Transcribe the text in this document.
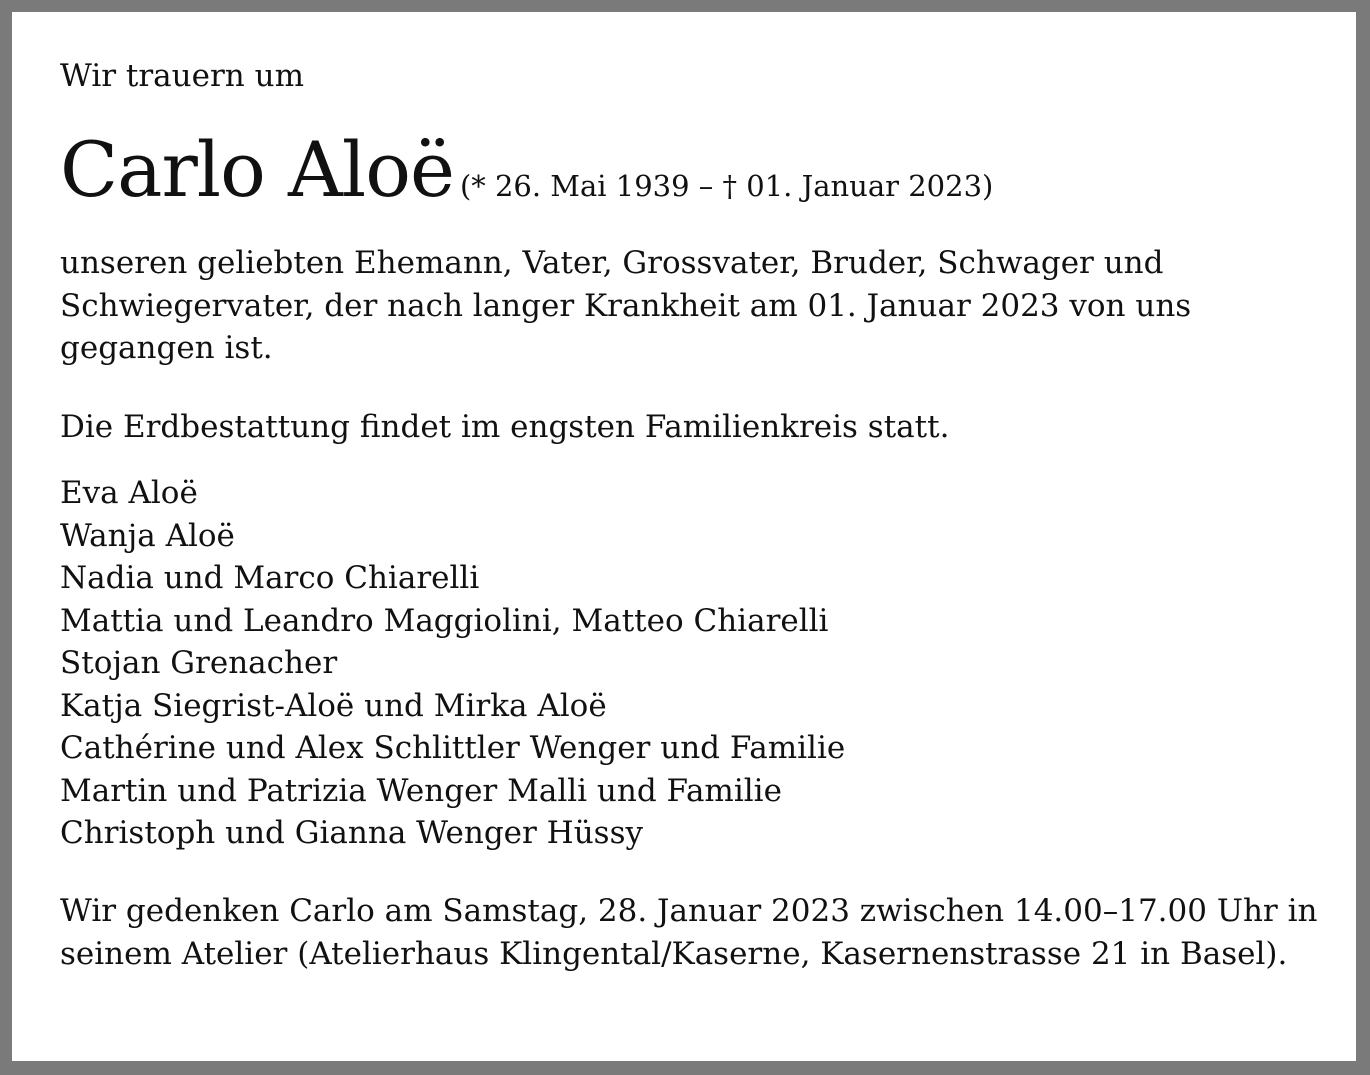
Wir trauern um
Carlo Aloë (* 26. Mai 1939 – † 01. Januar 2023)
unseren geliebten Ehemann, Vater, Grossvater, Bruder, Schwager und Schwiegervater, der nach langer Krankheit am 01. Januar 2023 von uns gegangen ist.
Die Erdbestattung findet im engsten Familienkreis statt.
Eva Aloë
Wanja Aloë
Nadia und Marco Chiarelli
Mattia und Leandro Maggiolini, Matteo Chiarelli
Stojan Grenacher
Katja Siegrist-Aloë und Mirka Aloë
Cathérine und Alex Schlittler Wenger und Familie
Martin und Patrizia Wenger Malli und Familie
Christoph und Gianna Wenger Hüssy
Wir gedenken Carlo am Samstag, 28. Januar 2023 zwischen 14.00–17.00 Uhr in seinem Atelier (Atelierhaus Klingental/Kaserne, Kasernenstrasse 21 in Basel).
